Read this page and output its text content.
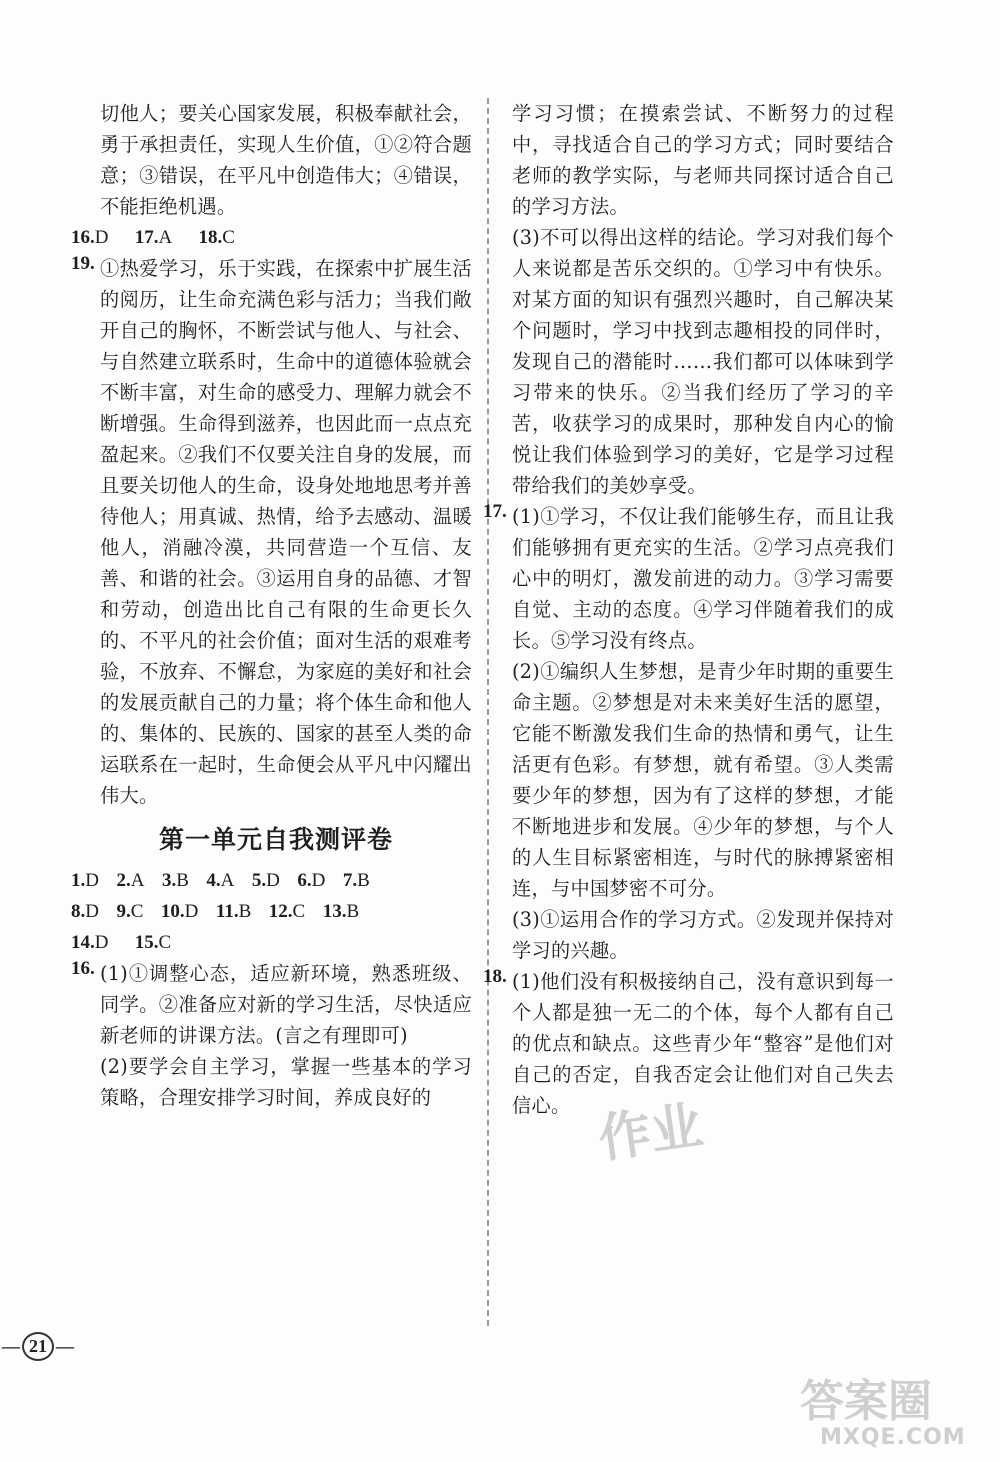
切他人；要关心国家发展，积极奉献社会，勇于承担责任，实现人生价值，①②符合题意；③错误，在平凡中创造伟大；④错误，不能拒绝机遇。

16.D 17.A 18.C

19. ①热爱学习，乐于实践，在探索中扩展生活的阅历，让生命充满色彩与活力；当我们敞开自己的胸怀，不断尝试与他人、与社会、与自然建立联系时，生命中的道德体验就会不断丰富，对生命的感受力、理解力就会不断增强。生命得到滋养，也因此而一点点充盈起来。②我们不仅要关注自身的发展，而且要关切他人的生命，设身处地地思考并善待他人；用真诚、热情，给予去感动、温暖他人，消融冷漠，共同营造一个互信、友善、和谐的社会。③运用自身的品德、才智和劳动，创造出比自己有限的生命更长久的、不平凡的社会价值；面对生活的艰难考验，不放弃、不懈怠，为家庭的美好和社会的发展贡献自己的力量；将个体生命和他人的、集体的、民族的、国家的甚至人类的命运联系在一起时，生命便会从平凡中闪耀出伟大。

第一单元自我测评卷

1.D 2.A 3.B 4.A 5.D 6.D 7.B

8.D 9.C 10.D 11.B 12.C 13.B

14.D 15.C

16. (1)①调整心态，适应新环境，熟悉班级、同学。②准备应对新的学习生活，尽快适应新老师的讲课方法。(言之有理即可)

(2)要学会自主学习，掌握一些基本的学习策略，合理安排学习时间，养成良好的

学习习惯；在摸索尝试、不断努力的过程中，寻找适合自己的学习方式；同时要结合老师的教学实际，与老师共同探讨适合自己的学习方法。

(3)不可以得出这样的结论。学习对我们每个人来说都是苦乐交织的。①学习中有快乐。对某方面的知识有强烈兴趣时，自己解决某个问题时，学习中找到志趣相投的同伴时，发现自己的潜能时……我们都可以体味到学习带来的快乐。②当我们经历了学习的辛苦，收获学习的成果时，那种发自内心的愉悦让我们体验到学习的美好，它是学习过程带给我们的美妙享受。

17. (1)①学习，不仅让我们能够生存，而且让我们能够拥有更充实的生活。②学习点亮我们心中的明灯，激发前进的动力。③学习需要自觉、主动的态度。④学习伴随着我们的成长。⑤学习没有终点。

(2)①编织人生梦想，是青少年时期的重要生命主题。②梦想是对未来美好生活的愿望，它能不断激发我们生命的热情和勇气，让生活更有色彩。有梦想，就有希望。③人类需要少年的梦想，因为有了这样的梦想，才能不断地进步和发展。④少年的梦想，与个人的人生目标紧密相连，与时代的脉搏紧密相连，与中国梦密不可分。

(3)①运用合作的学习方式。②发现并保持对学习的兴趣。

18. (1)他们没有积极接纳自己，没有意识到每一个人都是独一无二的个体，每个人都有自己的优点和缺点。这些青少年“整容”是他们对自己的否定，自我否定会让他们对自己失去信心。

— 21 —
作业
答案圈
MXQE.COM
